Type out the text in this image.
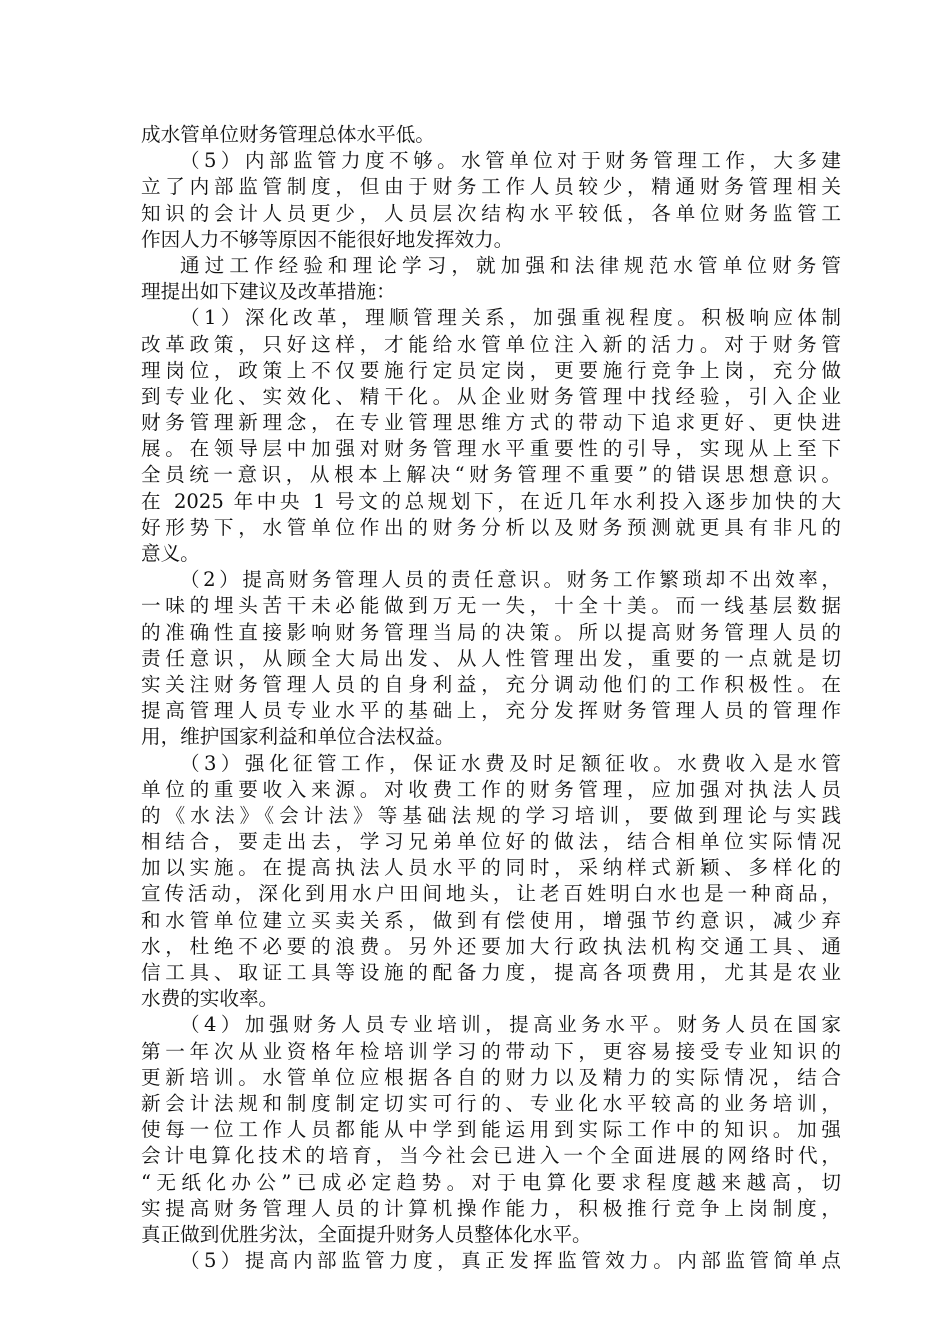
成水管单位财务管理总体水平低。
（5）内部监管力度不够。水管单位对于财务管理工作，大多建
立了内部监管制度，但由于财务工作人员较少，精通财务管理相关
知识的会计人员更少，人员层次结构水平较低，各单位财务监管工
作因人力不够等原因不能很好地发挥效力。
通过工作经验和理论学习，就加强和法律规范水管单位财务管
理提出如下建议及改革措施：
（1）深化改革，理顺管理关系，加强重视程度。积极响应体制
改革政策，只好这样，才能给水管单位注入新的活力。对于财务管
理岗位，政策上不仅要施行定员定岗，更要施行竞争上岗，充分做
到专业化、实效化、精干化。从企业财务管理中找经验，引入企业
财务管理新理念，在专业管理思维方式的带动下追求更好、更快进
展。在领导层中加强对财务管理水平重要性的引导，实现从上至下
全员统一意识，从根本上解决“财务管理不重要”的错误思想意识。
在 2025 年中央 1 号文的总规划下，在近几年水利投入逐步加快的大
好形势下，水管单位作出的财务分析以及财务预测就更具有非凡的
意义。
（2）提高财务管理人员的责任意识。财务工作繁琐却不出效率，
一味的埋头苦干未必能做到万无一失，十全十美。而一线基层数据
的准确性直接影响财务管理当局的决策。所以提高财务管理人员的
责任意识，从顾全大局出发、从人性管理出发，重要的一点就是切
实关注财务管理人员的自身利益，充分调动他们的工作积极性。在
提高管理人员专业水平的基础上，充分发挥财务管理人员的管理作
用，维护国家利益和单位合法权益。
（3）强化征管工作，保证水费及时足额征收。水费收入是水管
单位的重要收入来源。对收费工作的财务管理，应加强对执法人员
的《水法》《会计法》等基础法规的学习培训，要做到理论与实践
相结合，要走出去，学习兄弟单位好的做法，结合相单位实际情况
加以实施。在提高执法人员水平的同时，采纳样式新颖、多样化的
宣传活动，深化到用水户田间地头，让老百姓明白水也是一种商品，
和水管单位建立买卖关系，做到有偿使用，增强节约意识，减少弃
水，杜绝不必要的浪费。另外还要加大行政执法机构交通工具、通
信工具、取证工具等设施的配备力度，提高各项费用，尤其是农业
水费的实收率。
（4）加强财务人员专业培训，提高业务水平。财务人员在国家
第一年次从业资格年检培训学习的带动下，更容易接受专业知识的
更新培训。水管单位应根据各自的财力以及精力的实际情况，结合
新会计法规和制度制定切实可行的、专业化水平较高的业务培训，
使每一位工作人员都能从中学到能运用到实际工作中的知识。加强
会计电算化技术的培育，当今社会已进入一个全面进展的网络时代，
“无纸化办公”已成必定趋势。对于电算化要求程度越来越高，切
实提高财务管理人员的计算机操作能力，积极推行竞争上岗制度，
真正做到优胜劣汰，全面提升财务人员整体化水平。
（5）提高内部监管力度，真正发挥监管效力。内部监管简单点
